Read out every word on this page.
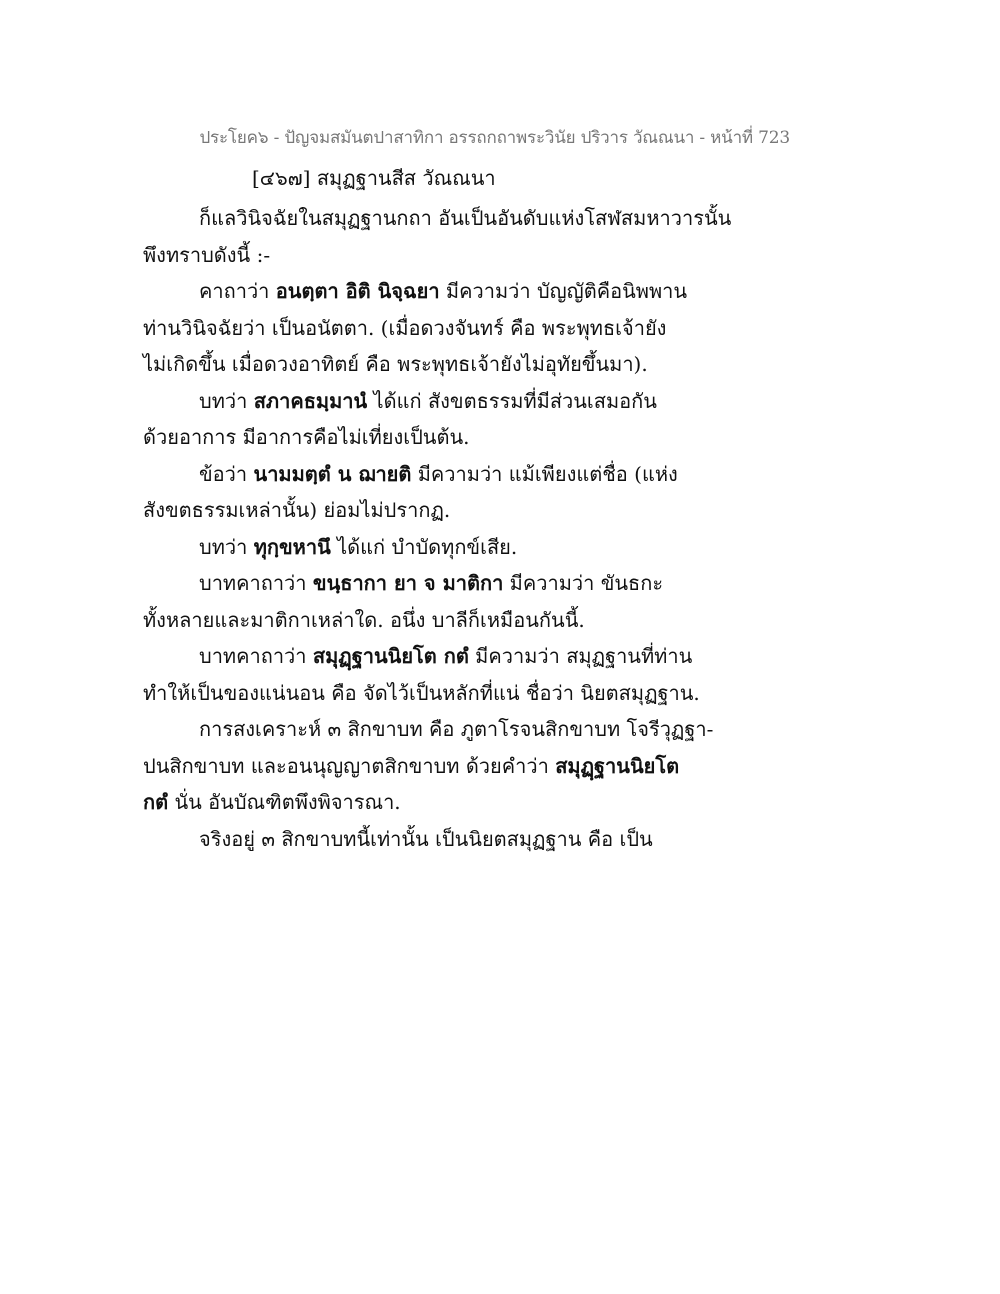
ประโยค๖ - ปัญจมสมันตปาสาทิกา อรรถกถาพระวินัย ปริวาร วัณณนา - หน้าที่ 723
[๔๖๗] สมุฏฐานสีส วัณณนา
ก็แลวินิจฉัยในสมุฏฐานกถา อันเป็นอันดับแห่งโสฬสมหาวารนั้น
พึงทราบดังนี้ :-
คาถาว่า อนตฺตา อิติ นิจฺฉยา มีความว่า บัญญัติคือนิพพาน
ท่านวินิจฉัยว่า เป็นอนัตตา. (เมื่อดวงจันทร์ คือ พระพุทธเจ้ายัง
ไม่เกิดขึ้น เมื่อดวงอาทิตย์ คือ พระพุทธเจ้ายังไม่อุทัยขึ้นมา).
บทว่า สภาคธมฺมานํ ได้แก่ สังขตธรรมที่มีส่วนเสมอกัน
ด้วยอาการ มีอาการคือไม่เที่ยงเป็นต้น.
ข้อว่า นามมตฺตํ น ฌายติ มีความว่า แม้เพียงแต่ชื่อ (แห่ง
สังขตธรรมเหล่านั้น) ย่อมไม่ปรากฏ.
บทว่า ทุกฺขหานึ ได้แก่ บำบัดทุกข์เสีย.
บาทคาถาว่า ขนฺธากา ยา จ มาติกา มีความว่า ขันธกะ
ทั้งหลายและมาติกาเหล่าใด. อนึ่ง บาลีก็เหมือนกันนี้.
บาทคาถาว่า สมุฏฺฐานนิยโต กตํ มีความว่า สมุฏฐานที่ท่าน
ทำให้เป็นของแน่นอน คือ จัดไว้เป็นหลักที่แน่ ชื่อว่า นิยตสมุฏฐาน.
การสงเคราะห์ ๓ สิกขาบท คือ ภูตาโรจนสิกขาบท โจรีวุฏฐา-
ปนสิกขาบท และอนนุญญาตสิกขาบท ด้วยคำว่า สมุฏฺฐานนิยโต
กตํ นั่น อันบัณฑิตพึงพิจารณา.
จริงอยู่ ๓ สิกขาบทนี้เท่านั้น เป็นนิยตสมุฏฐาน คือ เป็น
